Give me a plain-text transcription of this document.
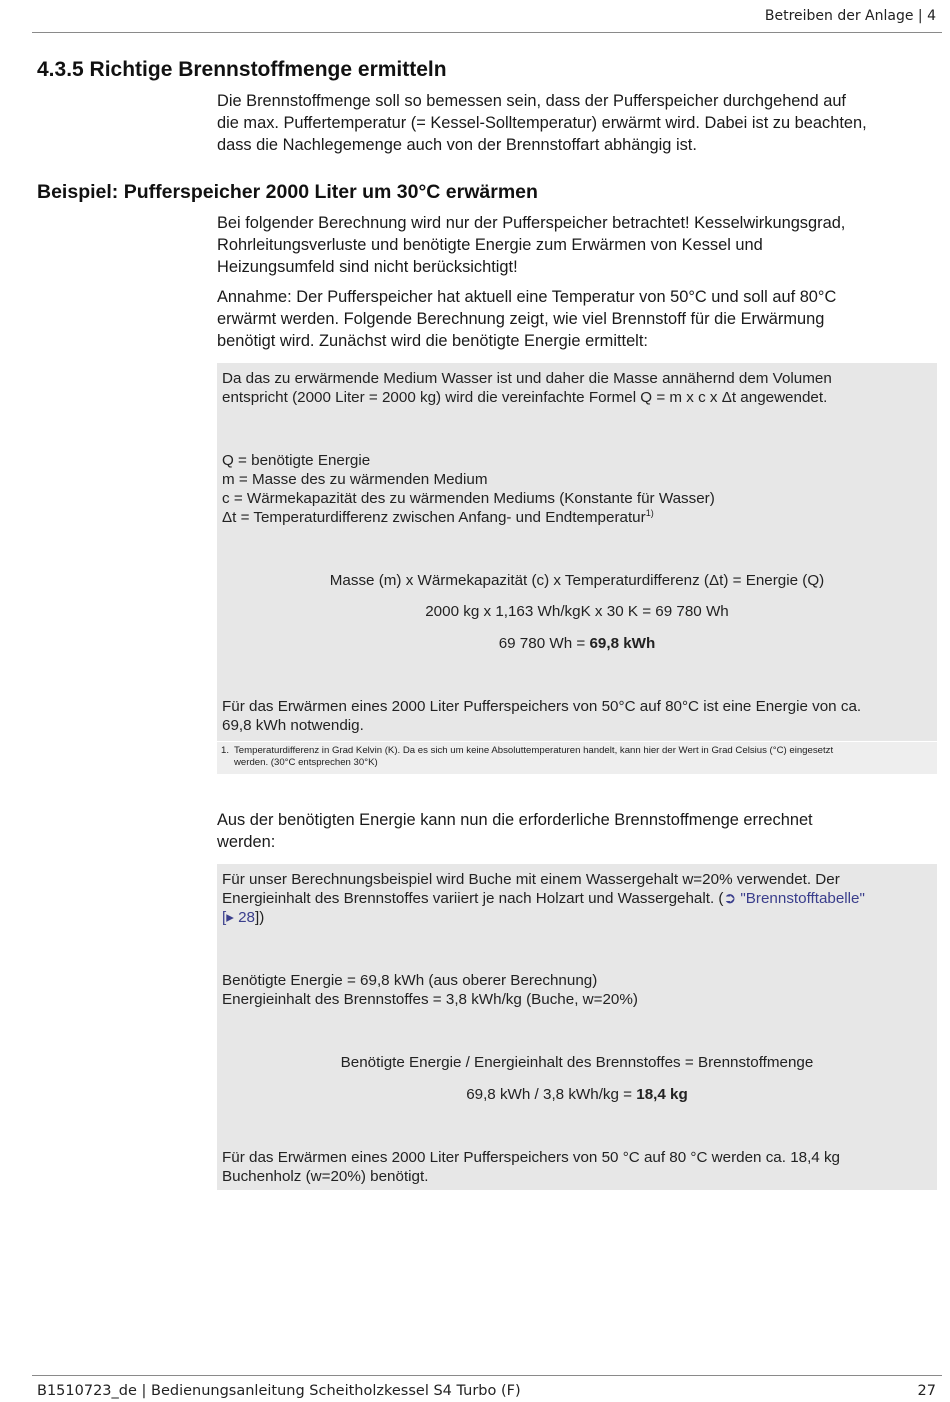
Betreiben der Anlage | 4
4.3.5 Richtige Brennstoffmenge ermitteln

Die Brennstoffmenge soll so bemessen sein, dass der Pufferspeicher durchgehend auf

die max. Puffertemperatur (= Kessel-Solltemperatur) erwärmt wird. Dabei ist zu beachten,

dass die Nachlegemenge auch von der Brennstoffart abhängig ist.

Beispiel: Pufferspeicher 2000 Liter um 30°C erwärmen

Bei folgender Berechnung wird nur der Pufferspeicher betrachtet! Kesselwirkungsgrad,

Rohrleitungsverluste und benötigte Energie zum Erwärmen von Kessel und

Heizungsumfeld sind nicht berücksichtigt!

Annahme: Der Pufferspeicher hat aktuell eine Temperatur von 50°C und soll auf 80°C

erwärmt werden. Folgende Berechnung zeigt, wie viel Brennstoff für die Erwärmung

benötigt wird. Zunächst wird die benötigte Energie ermittelt:

Da das zu erwärmende Medium Wasser ist und daher die Masse annähernd dem Volumen

entspricht (2000 Liter = 2000 kg) wird die vereinfachte Formel Q = m x c x Δt angewendet.

Q = benötigte Energie

m = Masse des zu wärmenden Medium

c = Wärmekapazität des zu wärmenden Mediums (Konstante für Wasser)

Δt = Temperaturdifferenz zwischen Anfang- und Endtemperatur$^{1)}$

Masse (m) x Wärmekapazität (c) x Temperaturdifferenz (Δt) = Energie (Q)

2000 kg x 1,163 Wh/kgK x 30 K = 69 780 Wh

69 780 Wh = 69,8 kWh

Für das Erwärmen eines 2000 Liter Pufferspeichers von 50°C auf 80°C ist eine Energie von ca.

69,8 kWh notwendig.

1. Temperaturdifferenz in Grad Kelvin (K). Da es sich um keine Absoluttemperaturen handelt, kann hier der Wert in Grad Celsius (°C) eingesetzt
werden. (30°C entsprechen 30°K)

Aus der benötigten Energie kann nun die erforderliche Brennstoffmenge errechnet

werden:

Für unser Berechnungsbeispiel wird Buche mit einem Wassergehalt w=20% verwendet. Der

Energieinhalt des Brennstoffes variiert je nach Holzart und Wassergehalt. (➲ "Brennstofftabelle"

[▸ 28])

Benötigte Energie = 69,8 kWh (aus oberer Berechnung)

Energieinhalt des Brennstoffes = 3,8 kWh/kg (Buche, w=20%)

Benötigte Energie / Energieinhalt des Brennstoffes = Brennstoffmenge

69,8 kWh / 3,8 kWh/kg = 18,4 kg

Für das Erwärmen eines 2000 Liter Pufferspeichers von 50 °C auf 80 °C werden ca. 18,4 kg

Buchenholz (w=20%) benötigt.

B1510723_de | Bedienungsanleitung Scheitholzkessel S4 Turbo (F)	27
